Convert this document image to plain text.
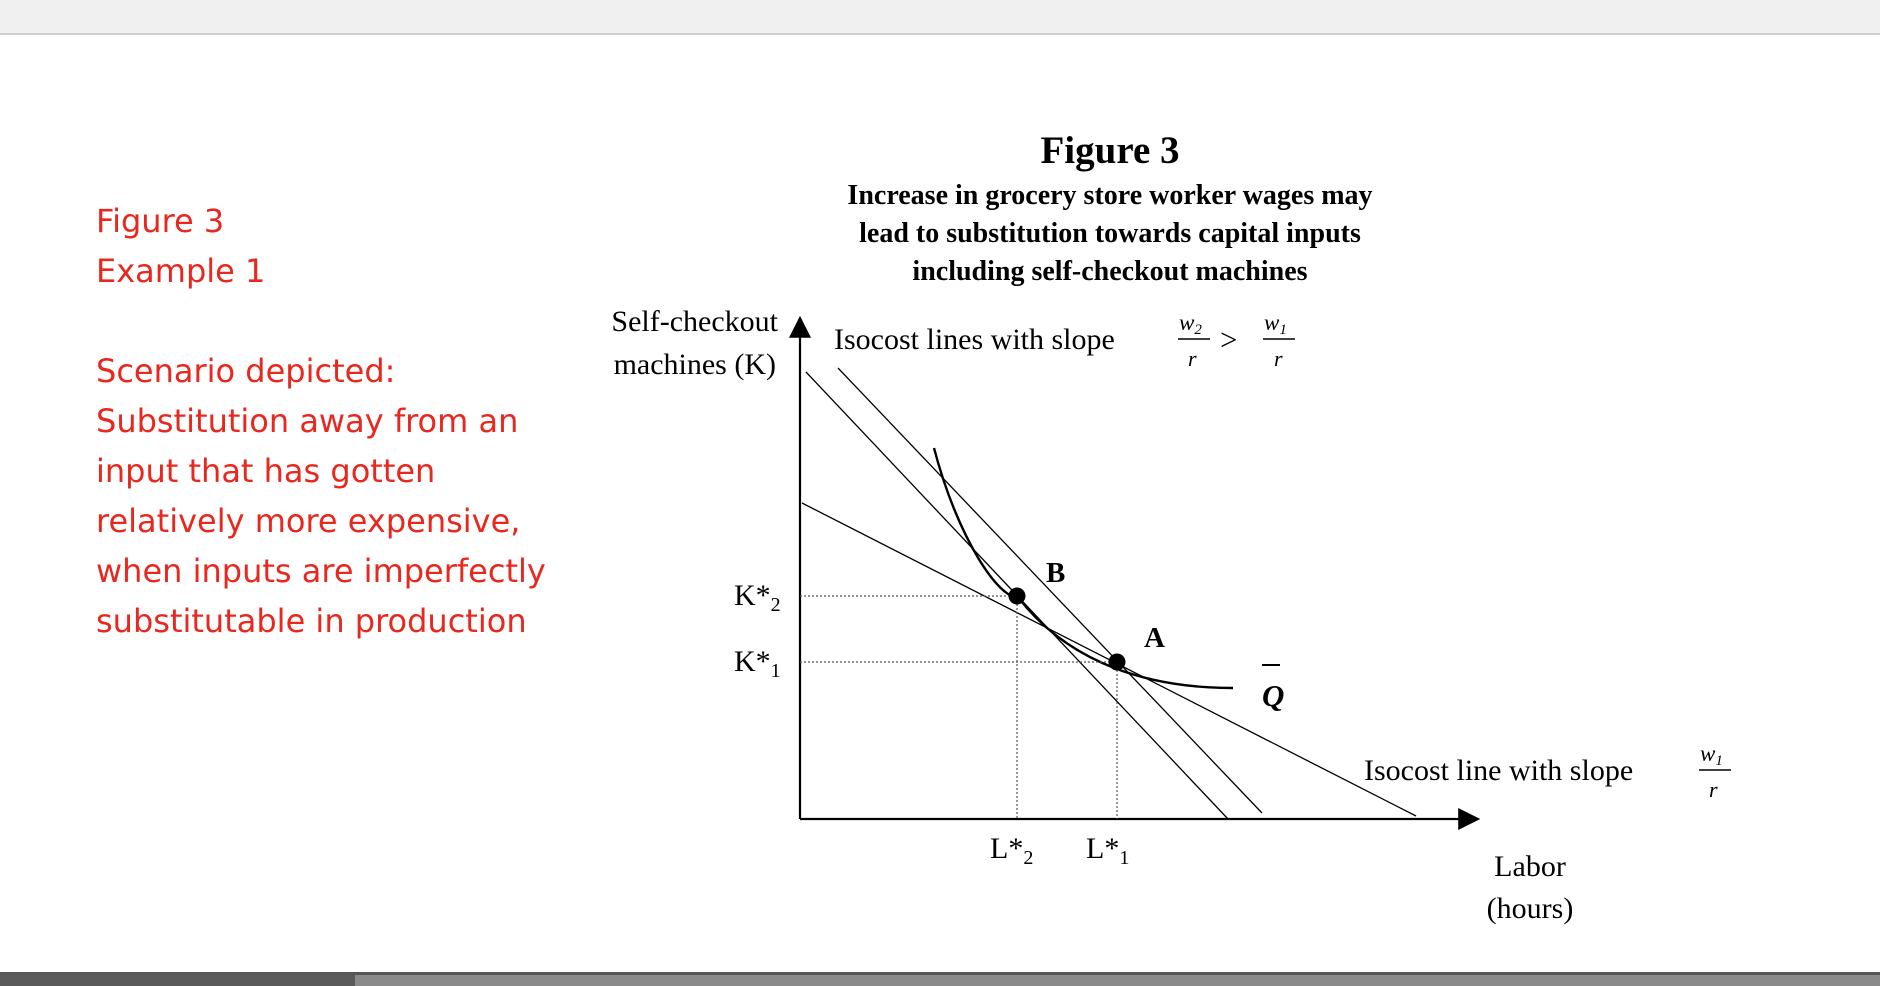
Figure 3

Example 1

Scenario depicted:

Substitution away from an

input that has gotten

relatively more expensive,

when inputs are imperfectly

substitutable in production

Figure 3
Increase in grocery store worker wages may
lead to substitution towards capital inputs
including self-checkout machines
B
A
Q
Self-checkout
machines (K)
Labor
(hours)
$K*_2$
$K*_1$
$L*_2$ $L*_1$
Isocost lines with slope
w2
r
> w1
r
Isocost line with slope
w1
r
